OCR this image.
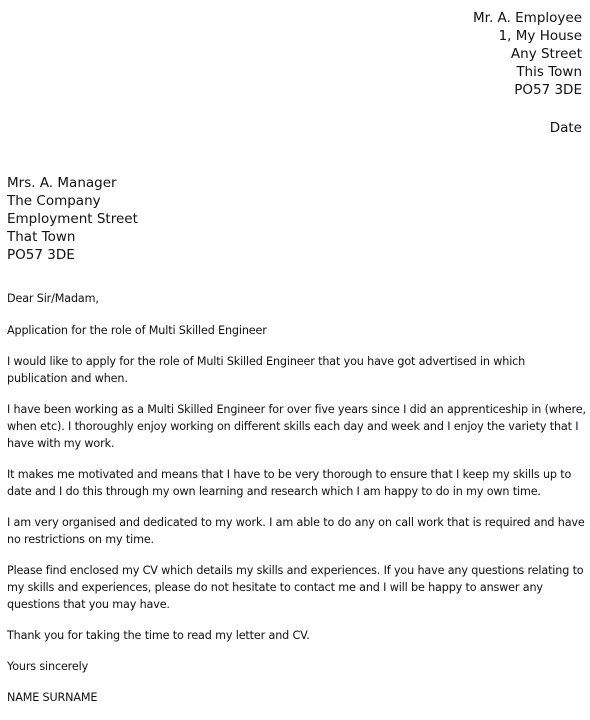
Mr. A. Employee
1, My House
Any Street
This Town
PO57 3DE
Date
Mrs. A. Manager
The Company
Employment Street
That Town
PO57 3DE

Dear Sir/Madam,

Application for the role of Multi Skilled Engineer

I would like to apply for the role of Multi Skilled Engineer that you have got advertised in which publication and when.

I have been working as a Multi Skilled Engineer for over five years since I did an apprenticeship in (where, when etc). I thoroughly enjoy working on different skills each day and week and I enjoy the variety that I have with my work.

It makes me motivated and means that I have to be very thorough to ensure that I keep my skills up to date and I do this through my own learning and research which I am happy to do in my own time.

I am very organised and dedicated to my work. I am able to do any on call work that is required and have no restrictions on my time.

Please find enclosed my CV which details my skills and experiences. If you have any questions relating to my skills and experiences, please do not hesitate to contact me and I will be happy to answer any questions that you may have.

Thank you for taking the time to read my letter and CV.

Yours sincerely

NAME SURNAME
